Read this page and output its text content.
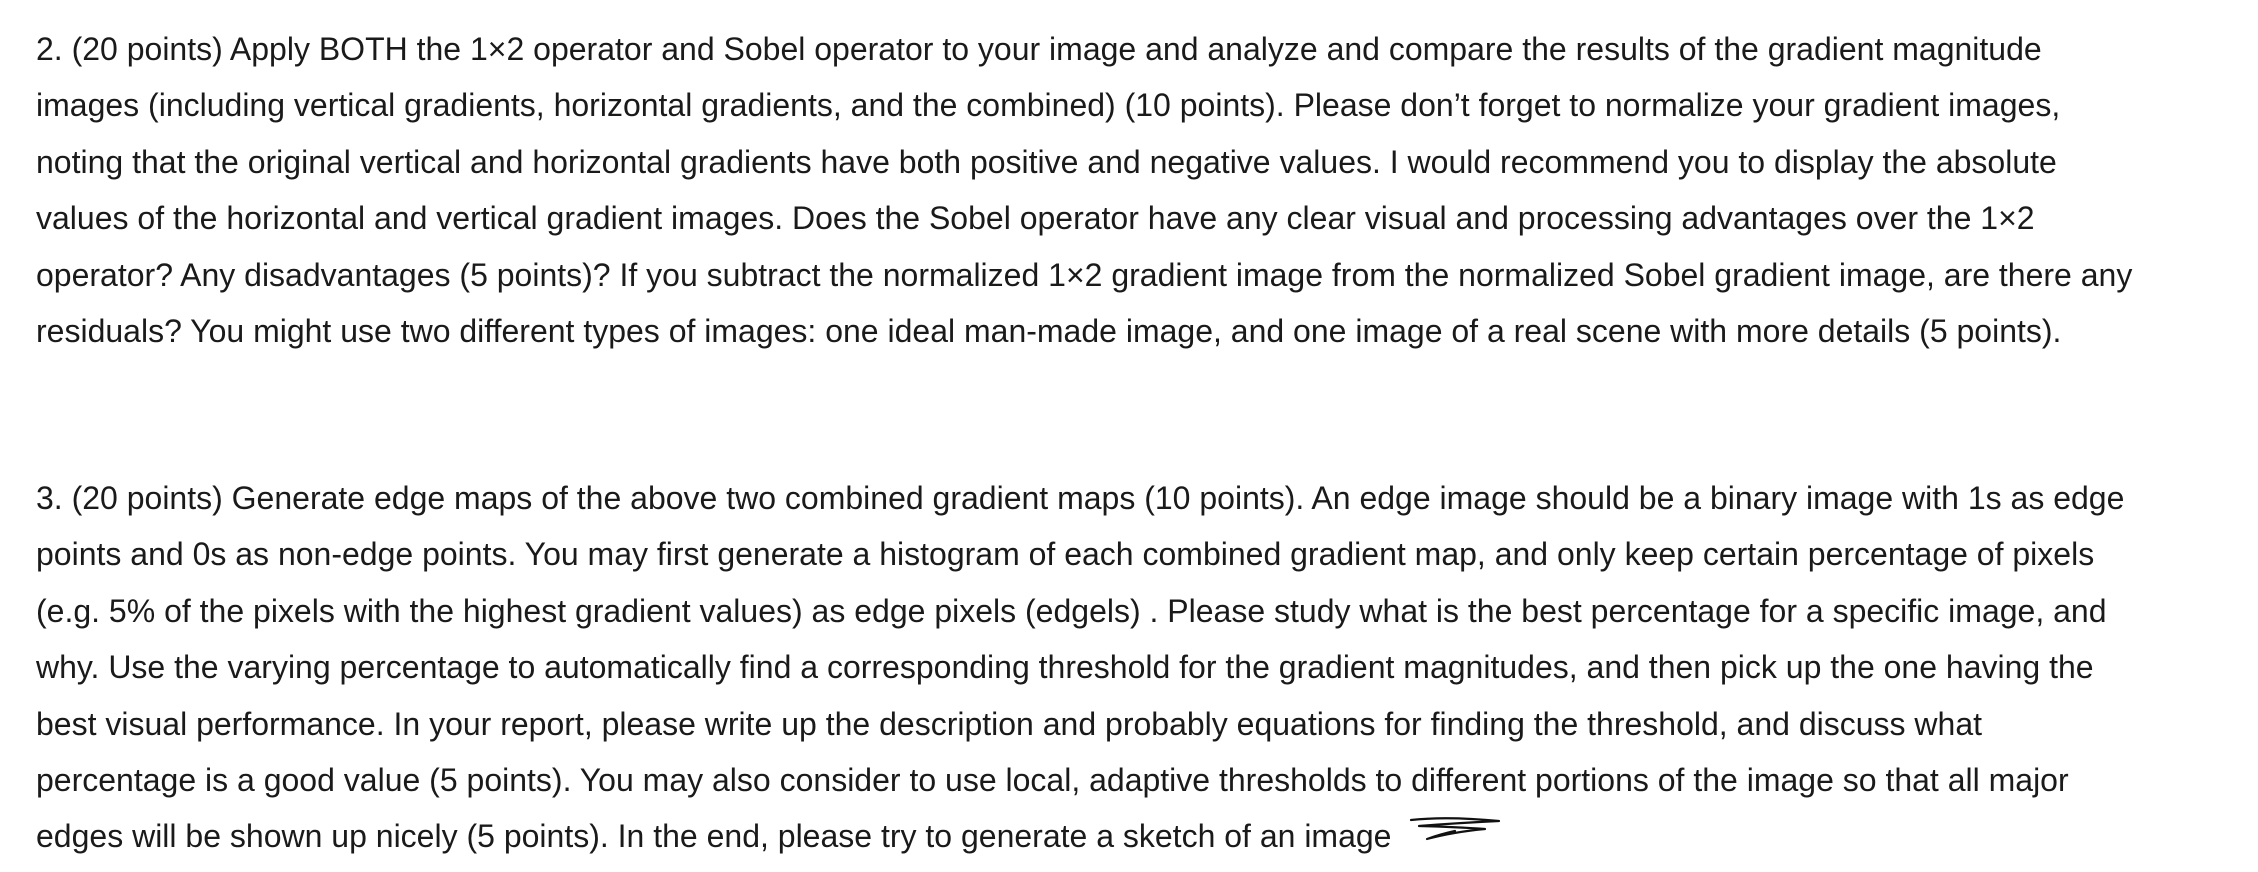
2. (20 points) Apply BOTH the 1×2 operator and Sobel operator to your image and analyze and compare the results of the gradient magnitude
images (including vertical gradients, horizontal gradients, and the combined) (10 points). Please don’t forget to normalize your gradient images,
noting that the original vertical and horizontal gradients have both positive and negative values. I would recommend you to display the absolute
values of the horizontal and vertical gradient images. Does the Sobel operator have any clear visual and processing advantages over the 1×2
operator? Any disadvantages (5 points)? If you subtract the normalized 1×2 gradient image from the normalized Sobel gradient image, are there any
residuals? You might use two different types of images: one ideal man-made image, and one image of a real scene with more details (5 points).
3. (20 points) Generate edge maps of the above two combined gradient maps (10 points). An edge image should be a binary image with 1s as edge
points and 0s as non-edge points. You may first generate a histogram of each combined gradient map, and only keep certain percentage of pixels
(e.g. 5% of the pixels with the highest gradient values) as edge pixels (edgels) . Please study what is the best percentage for a specific image, and
why. Use the varying percentage to automatically find a corresponding threshold for the gradient magnitudes, and then pick up the one having the
best visual performance. In your report, please write up the description and probably equations for finding the threshold, and discuss what
percentage is a good value (5 points). You may also consider to use local, adaptive thresholds to different portions of the image so that all major
edges will be shown up nicely (5 points). In the end, please try to generate a sketch of an image
